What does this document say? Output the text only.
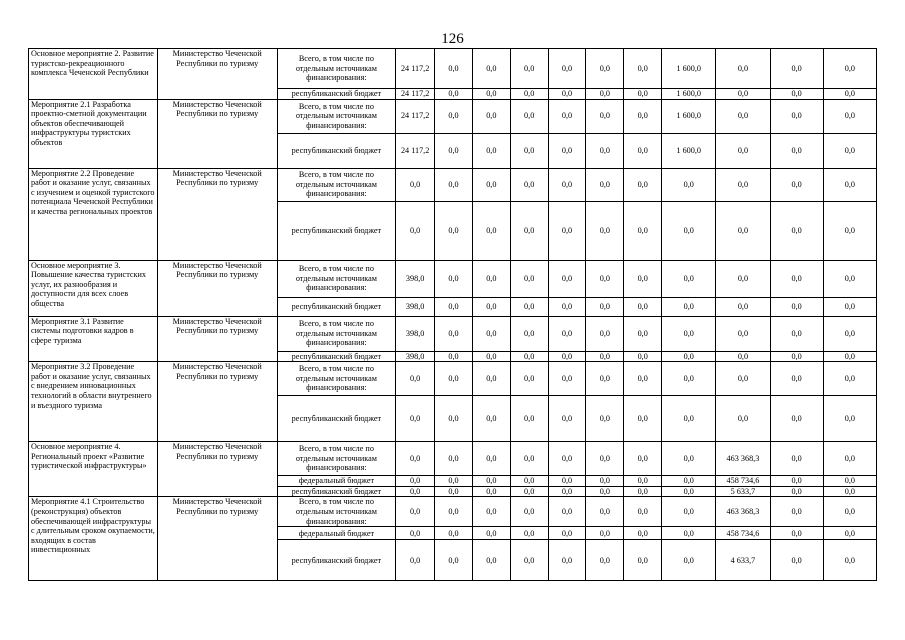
126
Основное мероприятие 2. Развитие туристско-рекреационного комплекса Чеченской Республики	Министерство Чеченской Республики по туризму	Всего, в том числе по отдельным источникам финансирования:	24 117,2	0,0	0,0	0,0	0,0	0,0	0,0	1 600,0	0,0	0,0	0,0
		республиканский бюджет	24 117,2	0,0	0,0	0,0	0,0	0,0	0,0	1 600,0	0,0	0,0	0,0
Мероприятие 2.1 Разработка проектно-сметной документации объектов обеспечивающей инфраструктуры туристских объектов	Министерство Чеченской Республики по туризму	Всего, в том числе по отдельным источникам финансирования:	24 117,2	0,0	0,0	0,0	0,0	0,0	0,0	1 600,0	0,0	0,0	0,0
		республиканский бюджет	24 117,2	0,0	0,0	0,0	0,0	0,0	0,0	1 600,0	0,0	0,0	0,0
Мероприятие 2.2 Проведение работ и оказание услуг, связанных с изучением и оценкой туристского потенциала Чеченской Республики и качества региональных проектов	Министерство Чеченской Республики по туризму	Всего, в том числе по отдельным источникам финансирования:	0,0	0,0	0,0	0,0	0,0	0,0	0,0	0,0	0,0	0,0	0,0
		республиканский бюджет	0,0	0,0	0,0	0,0	0,0	0,0	0,0	0,0	0,0	0,0	0,0
Основное мероприятие 3. Повышение качества туристских услуг, их разнообразия и доступности для всех слоев общества	Министерство Чеченской Республики по туризму	Всего, в том числе по отдельным источникам финансирования:	398,0	0,0	0,0	0,0	0,0	0,0	0,0	0,0	0,0	0,0	0,0
		республиканский бюджет	398,0	0,0	0,0	0,0	0,0	0,0	0,0	0,0	0,0	0,0	0,0
Мероприятие 3.1 Развитие системы подготовки кадров в сфере туризма	Министерство Чеченской Республики по туризму	Всего, в том числе по отдельным источникам финансирования:	398,0	0,0	0,0	0,0	0,0	0,0	0,0	0,0	0,0	0,0	0,0
		республиканский бюджет	398,0	0,0	0,0	0,0	0,0	0,0	0,0	0,0	0,0	0,0	0,0
Мероприятие 3.2 Проведение работ и оказание услуг, связанных с внедрением инновационных технологий в области внутреннего и въездного туризма	Министерство Чеченской Республики по туризму	Всего, в том числе по отдельным источникам финансирования:	0,0	0,0	0,0	0,0	0,0	0,0	0,0	0,0	0,0	0,0	0,0
		республиканский бюджет	0,0	0,0	0,0	0,0	0,0	0,0	0,0	0,0	0,0	0,0	0,0
Основное мероприятие 4. Региональный проект «Развитие туристической инфраструктуры»	Министерство Чеченской Республики по туризму	Всего, в том числе по отдельным источникам финансирования:	0,0	0,0	0,0	0,0	0,0	0,0	0,0	0,0	463 368,3	0,0	0,0
		федеральный бюджет	0,0	0,0	0,0	0,0	0,0	0,0	0,0	0,0	458 734,6	0,0	0,0
		республиканский бюджет	0,0	0,0	0,0	0,0	0,0	0,0	0,0	0,0	5 633,7	0,0	0,0
Мероприятие 4.1 Строительство (реконструкция) объектов обеспечивающей инфраструктуры с длительным сроком окупаемости, входящих в состав инвестиционных	Министерство Чеченской Республики по туризму	Всего, в том числе по отдельным источникам финансирования:	0,0	0,0	0,0	0,0	0,0	0,0	0,0	0,0	463 368,3	0,0	0,0
		федеральный бюджет	0,0	0,0	0,0	0,0	0,0	0,0	0,0	0,0	458 734,6	0,0	0,0
		республиканский бюджет	0,0	0,0	0,0	0,0	0,0	0,0	0,0	0,0	4 633,7	0,0	0,0
